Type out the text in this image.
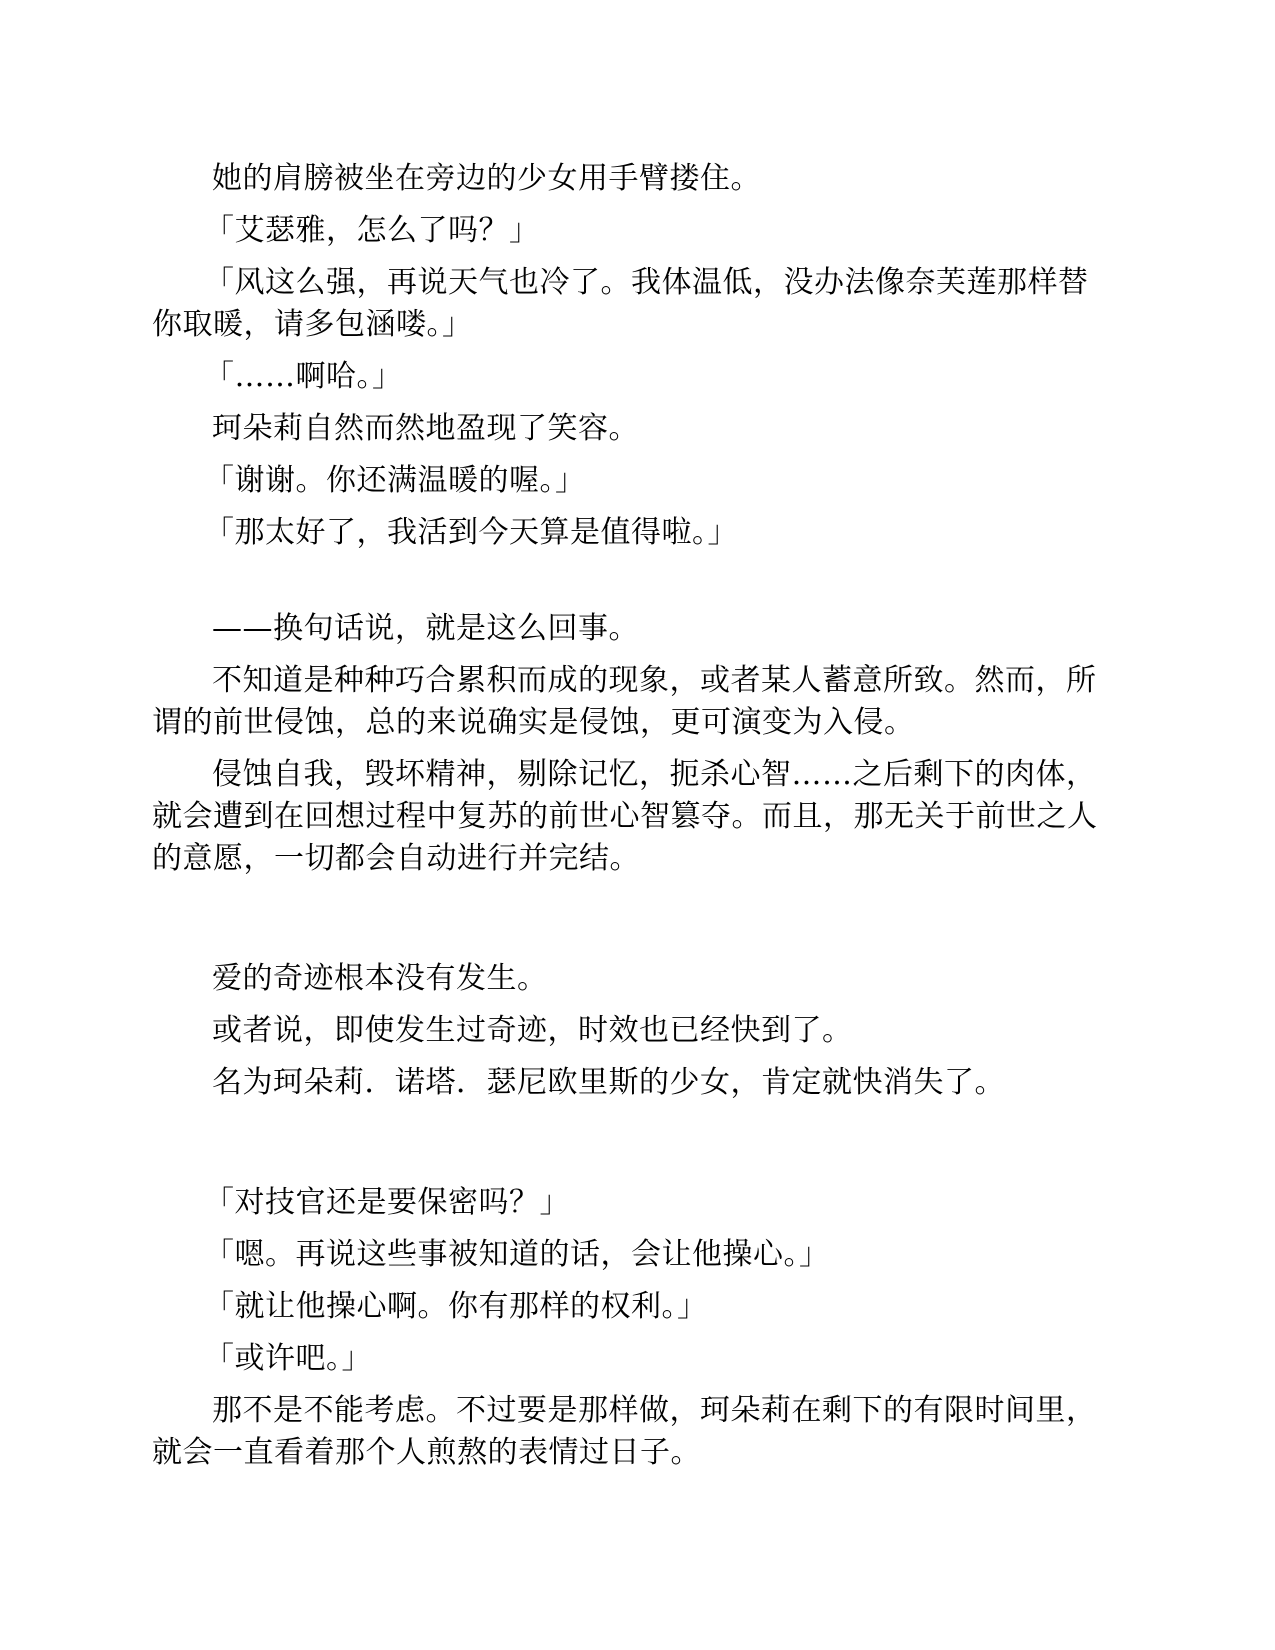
她的肩膀被坐在旁边的少女用手臂搂住。

「艾瑟雅，怎么了吗？」

「风这么强，再说天气也冷了。我体温低，没办法像奈芙莲那样替你取暖，请多包涵喽。」

「……啊哈。」

珂朵莉自然而然地盈现了笑容。

「谢谢。你还满温暖的喔。」

「那太好了，我活到今天算是值得啦。」

——换句话说，就是这么回事。

不知道是种种巧合累积而成的现象，或者某人蓄意所致。然而，所谓的前世侵蚀，总的来说确实是侵蚀，更可演变为入侵。

侵蚀自我，毁坏精神，剔除记忆，扼杀心智……之后剩下的肉体，就会遭到在回想过程中复苏的前世心智篡夺。而且，那无关于前世之人的意愿，一切都会自动进行并完结。

爱的奇迹根本没有发生。

或者说，即使发生过奇迹，时效也已经快到了。

名为珂朵莉．诺塔．瑟尼欧里斯的少女，肯定就快消失了。

「对技官还是要保密吗？」

「嗯。再说这些事被知道的话，会让他操心。」

「就让他操心啊。你有那样的权利。」

「或许吧。」

那不是不能考虑。不过要是那样做，珂朵莉在剩下的有限时间里，就会一直看着那个人煎熬的表情过日子。
